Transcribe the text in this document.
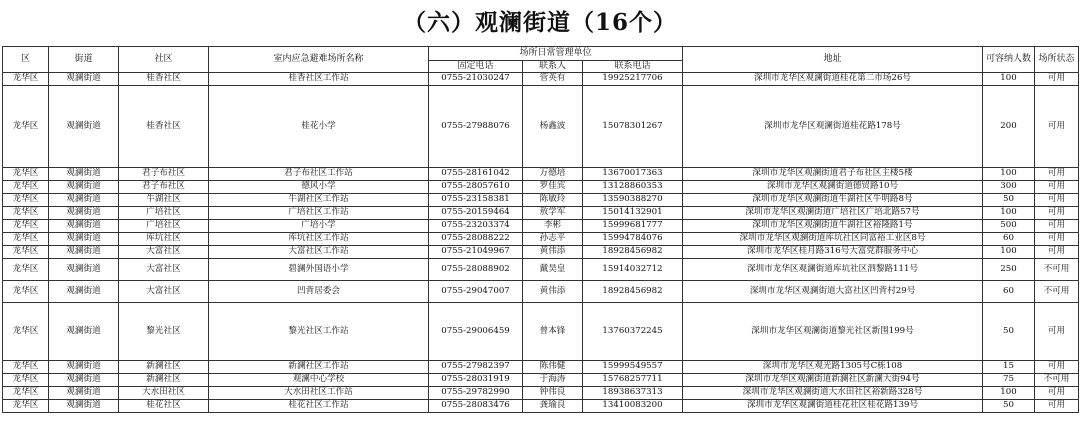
（六）观澜街道（16个）
区	街道	社区	室内应急避难场所名称	场所日常管理单位			地址	可容纳人数	场所状态
				固定电话	联系人	联系电话			
龙华区	观澜街道	桂香社区	桂香社区工作站	0755-21030247	管英有	19925217706	深圳市龙华区观澜街道桂花第二市场26号	100	可用
龙华区	观澜街道	桂香社区	桂花小学	0755-27988076	杨鑫波	15078301267	深圳市龙华区观澜街道桂花路178号	200	可用
龙华区	观澜街道	君子布社区	君子布社区工作站	0755-28161042	万德培	13670017363	深圳市龙华区观澜街道君子布社区主楼5楼	100	可用
龙华区	观澜街道	君子布社区	德风小学	0755-28057610	罗佳宾	13128860353	深圳市龙华区观澜街道德贸路10号	300	可用
龙华区	观澜街道	牛湖社区	牛湖社区工作站	0755-23158381	陈敏玲	13590388270	深圳市龙华区观澜街道牛湖社区牛明路8号	50	可用
龙华区	观澜街道	广培社区	广培社区工作站	0755-20159464	敖学军	15014132901	深圳市龙华区观澜街道广培社区广培北路57号	100	可用
龙华区	观澜街道	广培社区	广培小学	0755-23203374	李彬	15999681777	深圳市龙华区观澜街道牛湖社区裕隆路1号	500	可用
龙华区	观澜街道	库坑社区	库坑社区工作站	0755-28088222	孙志平	15994784076	深圳市龙华区观澜街道库坑社区同富裕工业区8号	60	可用
龙华区	观澜街道	大富社区	大富社区工作站	0755-21049967	黄伟添	18928456982	深圳市龙华区桂月路316号大富党群服务中心	100	可用
龙华区	观澜街道	大富社区	碧澜外国语小学	0755-28088902	戴昊皇	15914032712	深圳市龙华区观澜街道库坑社区泗黎路111号	250	不可用
龙华区	观澜街道	大富社区	凹背居委会	0755-29047007	黄伟添	18928456982	深圳市龙华区观澜街道大富社区凹背村29号	60	不可用
龙华区	观澜街道	黎光社区	黎光社区工作站	0755-29006459	曾本锋	13760372245	深圳市龙华区观澜街道黎光社区新围199号	50	可用
龙华区	观澜街道	新澜社区	新澜社区工作站	0755-27982397	陈伟健	15999549557	深圳市龙华区观光路1305号C栋108	15	可用
龙华区	观澜街道	新澜社区	观澜中心学校	0755-28031919	于海涛	15768257711	深圳市龙华区观澜街道新澜社区新澜大街94号	75	不可用
龙华区	观澜街道	大水田社区	大水田社区工作站	0755-29782990	钟伟良	18938637313	深圳市龙华区观澜街道大水田社区裕新路328号	100	可用
龙华区	观澜街道	桂花社区	桂花社区工作站	0755-28083476	龚瑜良	13410083200	深圳市龙华区观澜街道桂花社区桂花路139号	50	可用
